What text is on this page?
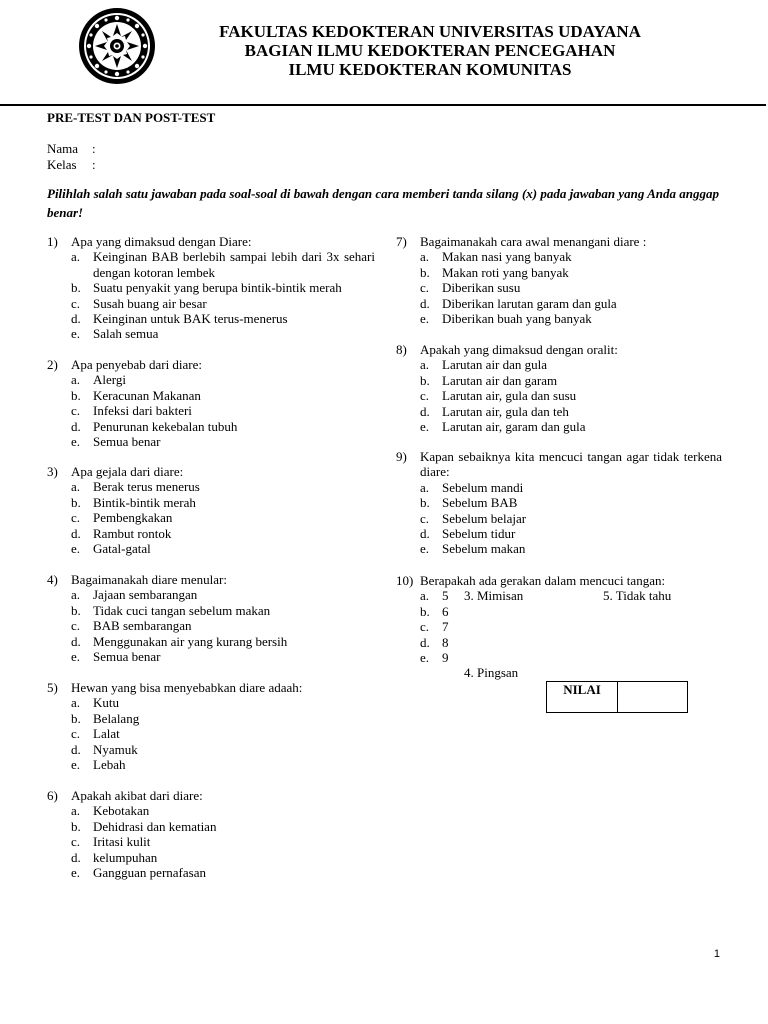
FAKULTAS KEDOKTERAN UNIVERSITAS UDAYANA
BAGIAN ILMU KEDOKTERAN PENCEGAHAN
ILMU KEDOKTERAN KOMUNITAS
PRE-TEST DAN POST-TEST
Nama :
Kelas :
Pilihlah salah satu jawaban pada soal-soal di bawah dengan cara memberi tanda silang (x) pada jawaban yang Anda anggap benar!
1)	Apa yang dimaksud dengan Diare:
a. Keinginan BAB berlebih sampai lebih dari 3x sehari dengan kotoran lembek
b. Suatu penyakit yang berupa bintik-bintik merah
c. Susah buang air besar
d. Keinginan untuk BAK terus-menerus
e. Salah semua
2)	Apa penyebab dari diare:
a. Alergi
b. Keracunan Makanan
c. Infeksi dari bakteri
d. Penurunan kekebalan tubuh
e. Semua benar
3)	Apa gejala dari diare:
a. Berak terus menerus
b. Bintik-bintik merah
c. Pembengkakan
d. Rambut rontok
e. Gatal-gatal
4)	Bagaimanakah diare menular:
a. Jajaan sembarangan
b. Tidak cuci tangan sebelum makan
c. BAB sembarangan
d. Menggunakan air yang kurang bersih
e. Semua benar
5)	Hewan yang bisa menyebabkan diare adaah:
a. Kutu
b. Belalang
c. Lalat
d. Nyamuk
e. Lebah
6)	Apakah akibat dari diare:
a. Kebotakan
b. Dehidrasi dan kematian
c. Iritasi kulit
d. kelumpuhan
e. Gangguan pernafasan
7)	Bagaimanakah cara awal menangani diare :
a. Makan nasi yang banyak
b. Makan roti yang banyak
c. Diberikan susu
d. Diberikan larutan garam dan gula
e. Diberikan buah yang banyak
8)	Apakah yang dimaksud dengan oralit:
a. Larutan air dan gula
b. Larutan air dan garam
c. Larutan air, gula dan susu
d. Larutan air, gula dan teh
e. Larutan air, garam dan gula
9)	Kapan sebaiknya kita mencuci tangan agar tidak terkena diare:
a. Sebelum mandi
b. Sebelum BAB
c. Sebelum belajar
d. Sebelum tidur
e. Sebelum makan
10) Berapakah ada gerakan dalam mencuci tangan:
a. 5
b. 6
c. 7
d. 8
e. 9
3. Mimisan	5. Tidak tahu
4. Pingsan
NILAI
1
